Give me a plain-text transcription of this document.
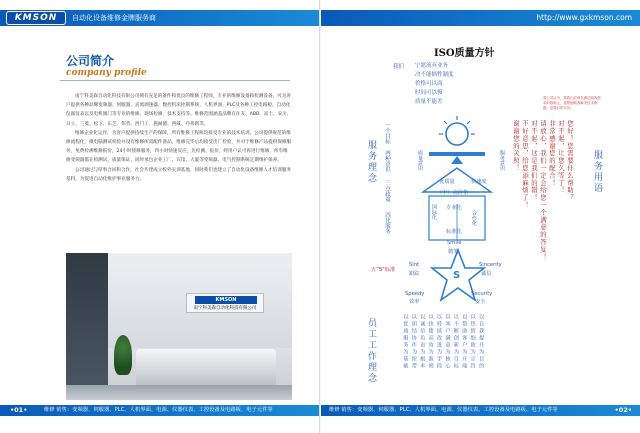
KMSON	自动化设备维修金牌服务商
公司简介
company profile

南宁科美森自动化科技有限公司拥有充足的备件和优良的维修工程师，专业的维修设备和检测设备，可为客户提供各种品牌变频器、伺服器、直流调速器、数控机床控制系统、人机界面、PLC及各种工控电路板、自动化仪器仪表以及电机阀门等专业的维修、现场检修、技术支持等。维修范围涵盖品牌有住友、ABB、富士、安川、日立、三菱、松下、东芝、伟肯、西门子、施耐德、西威、丹弗斯等。

维修企业化运作，为客户提供持续生产的保障，所有维修工程师均接受专业的技术培训，公司提供规范的维修流程化，微电脑测试检验并设有维修所需配件备品，维修完毕后均接受出厂检验，并对于维修产品提供保修服务，免费检测维修报价，24小时接修服务，四小时快速反应，先检测、报价，经用户认可再进行维修，所有维修变频器都在检测试，质量保证，同时承包企业工厂、宾馆、大厦等变频器、电气控制系统定期维护保养。

公司通过与厚事合同和合作，社会共建成立校外实训基地，同时我们也建立了自动化设备维修人才培训服务基料，为促进自动化维护事业服务力。

KMSON
南宁科美森自动化科技有限公司
•01•	维修 销售：变频器、伺服器、PLC、人机界面、电源、仪器仪表、工控设备及电路板、电子元件等
http://www.gxkmson.com
ISO质量方针
我们 宁愿流弃业务
决不能牺牲制度
价格可以商
时间可以慢
质量不能差
我公司认为，我我们应该在满足顾客需求的基础上，再帮助顾客解决技术难题，是我们的宗旨。
一个目标
两种意识
三点政策
四化服务
服务理念	质量意识	服务意识
优质量	快速度
（中）高价格
国际化 专业化
标准化
合作化
您好！您需要什么帮助？
对不起，让您久等了！
非常感谢您的配合！
请放心，我们一定会给您一个满意的答复！
对不起，这是我们的错！
不好意思，给您添麻烦了！
谢谢您的关照！
服务用语
S
Smile
微笑
Slnt
跟踪
Sincerity
诚信
Speedy
效率
Security
安全
五“S”标准
员工工作理念	以自我提升为目的
以热情细致为宗旨
以帮助客户为开端
以不断创新为目标
以客户满意为核心
以持续改进为手段
以快捷高效为准则
以诚信负责为根本
以团结协作为纽带
以优质服务为基础
维修 销售：变频器、伺服器、PLC、人机界面、电源、仪器仪表、工控设备及电路板、电子元件等	•02•
